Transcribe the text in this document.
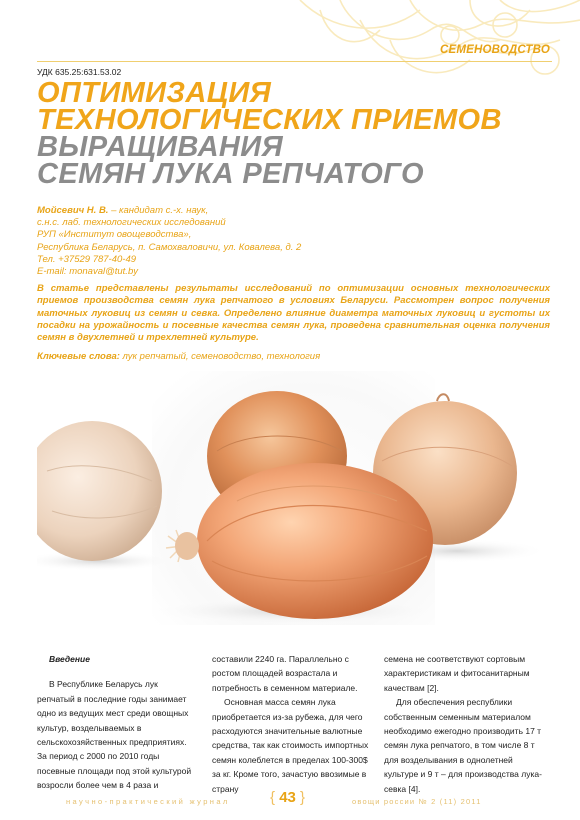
СЕМЕНОВОДСТВО
УДК 635.25:631.53.02
ОПТИМИЗАЦИЯ
ТЕХНОЛОГИЧЕСКИХ ПРИЕМОВ
ВЫРАЩИВАНИЯ
СЕМЯН ЛУКА РЕПЧАТОГО
Мойсевич Н. В. – кандидат с.-х. наук,
с.н.с. лаб. технологических исследований
РУП «Институт овощеводства»,
Республика Беларусь, п. Самохваловичи, ул. Ковалева, д. 2
Тел. +37529 787-40-49
E-mail: monaval@tut.by

В статье представлены результаты исследований по оптимизации основных технологических приемов производства семян лука репчатого в условиях Беларуси. Рассмотрен вопрос получения маточных луковиц из семян и севка. Определено влияние диаметра маточных луковиц и густоты их посадки на урожайность и посевные качества семян лука, проведена сравнительная оценка получения семян в двухлетней и трехлетней культуре.

Ключевые слова: лук репчатый, семеноводство, технология

Введение

В Республике Беларусь лук репчатый в последние годы занимает одно из ведущих мест среди овощных культур, возделываемых в сельскохозяйственных предприятиях. За период с 2000 по 2010 годы посевные площади под этой культурой возросли более чем в 4 раза и

составили 2240 га. Параллельно с ростом площадей возрастала и потребность в семенном материале.

Основная масса семян лука приобретается из-за рубежа, для чего расходуются значительные валютные средства, так как стоимость импортных семян колеблется в пределах 100-300$ за кг. Кроме того, зачастую ввозимые в страну

семена не соответствуют сортовым характеристикам и фитосанитарным качествам [2].

Для обеспечения республики собственным семенным материалом необходимо ежегодно производить 17 т семян лука репчатого, в том числе 8 т для возделывания в однолетней культуре и 9 т – для производства лука-севка [4].

научно-практический журнал	{ 43 }	овощи россии № 2 (11) 2011
